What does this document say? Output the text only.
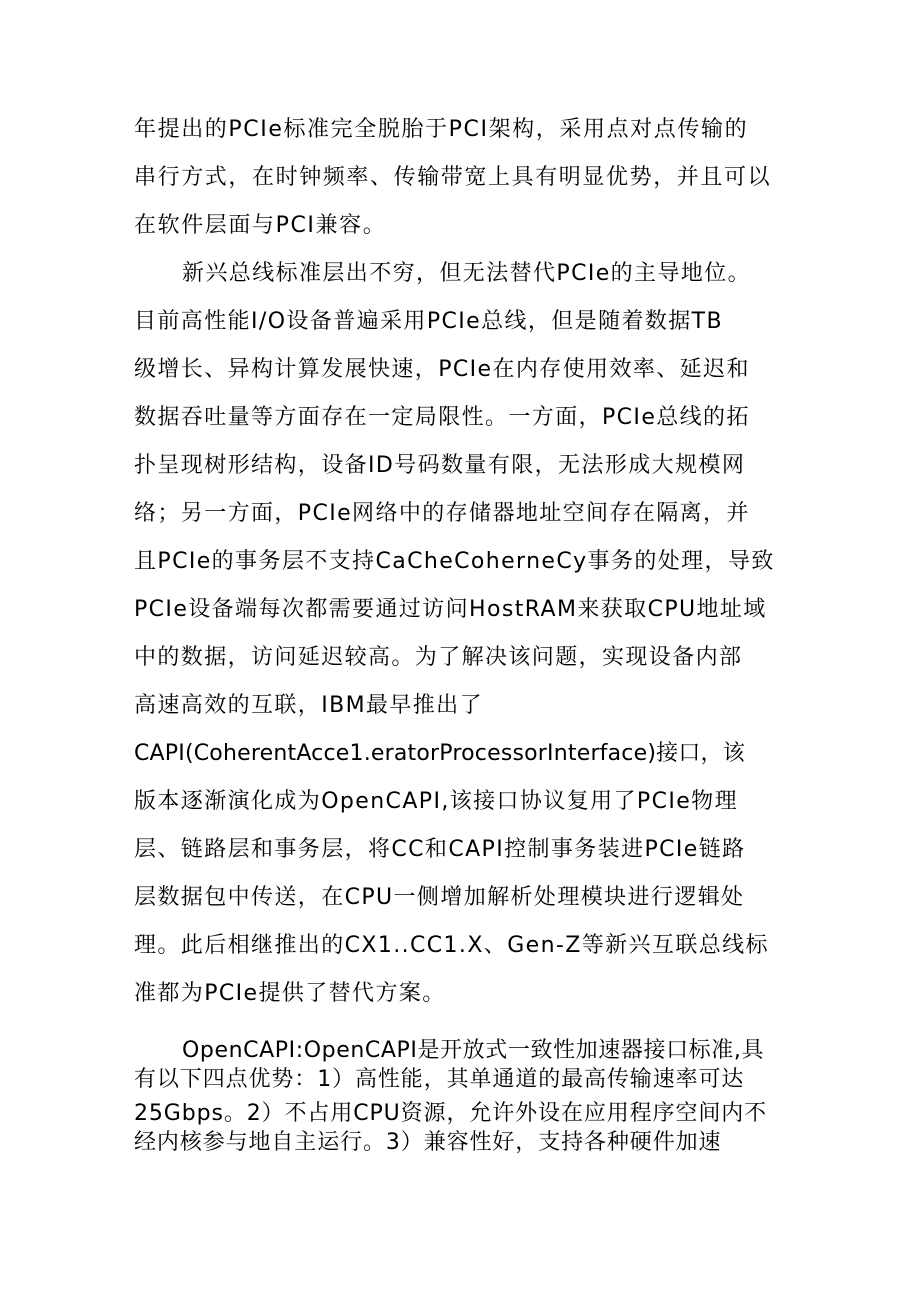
年提出的PCIe标准完全脱胎于PCI架构，采用点对点传输的
串行方式，在时钟频率、传输带宽上具有明显优势，并且可以
在软件层面与PCI兼容。
新兴总线标准层出不穷，但无法替代PCIe的主导地位。
目前高性能I/O设备普遍采用PCIe总线，但是随着数据TB
级增长、异构计算发展快速，PCIe在内存使用效率、延迟和
数据吞吐量等方面存在一定局限性。一方面，PCIe总线的拓
扑呈现树形结构，设备ID号码数量有限，无法形成大规模网
络；另一方面，PCIe网络中的存储器地址空间存在隔离，并
且PCIe的事务层不支持CaCheCoherneCy事务的处理，导致
PCIe设备端每次都需要通过访问HostRAM来获取CPU地址域
中的数据，访问延迟较高。为了解决该问题，实现设备内部
高速高效的互联，IBM最早推出了
CAPI(CoherentAcce1.eratorProcessorInterface)接口，该
版本逐渐演化成为OpenCAPI,该接口协议复用了PCIe物理
层、链路层和事务层，将CC和CAPI控制事务装进PCIe链路
层数据包中传送，在CPU一侧增加解析处理模块进行逻辑处
理。此后相继推出的CX1..CC1.X、Gen-Z等新兴互联总线标
准都为PCIe提供了替代方案。
OpenCAPI:OpenCAPI是开放式一致性加速器接口标准,具
有以下四点优势：1）高性能，其单通道的最高传输速率可达
25Gbps。2）不占用CPU资源，允许外设在应用程序空间内不
经内核参与地自主运行。3）兼容性好，支持各种硬件加速
